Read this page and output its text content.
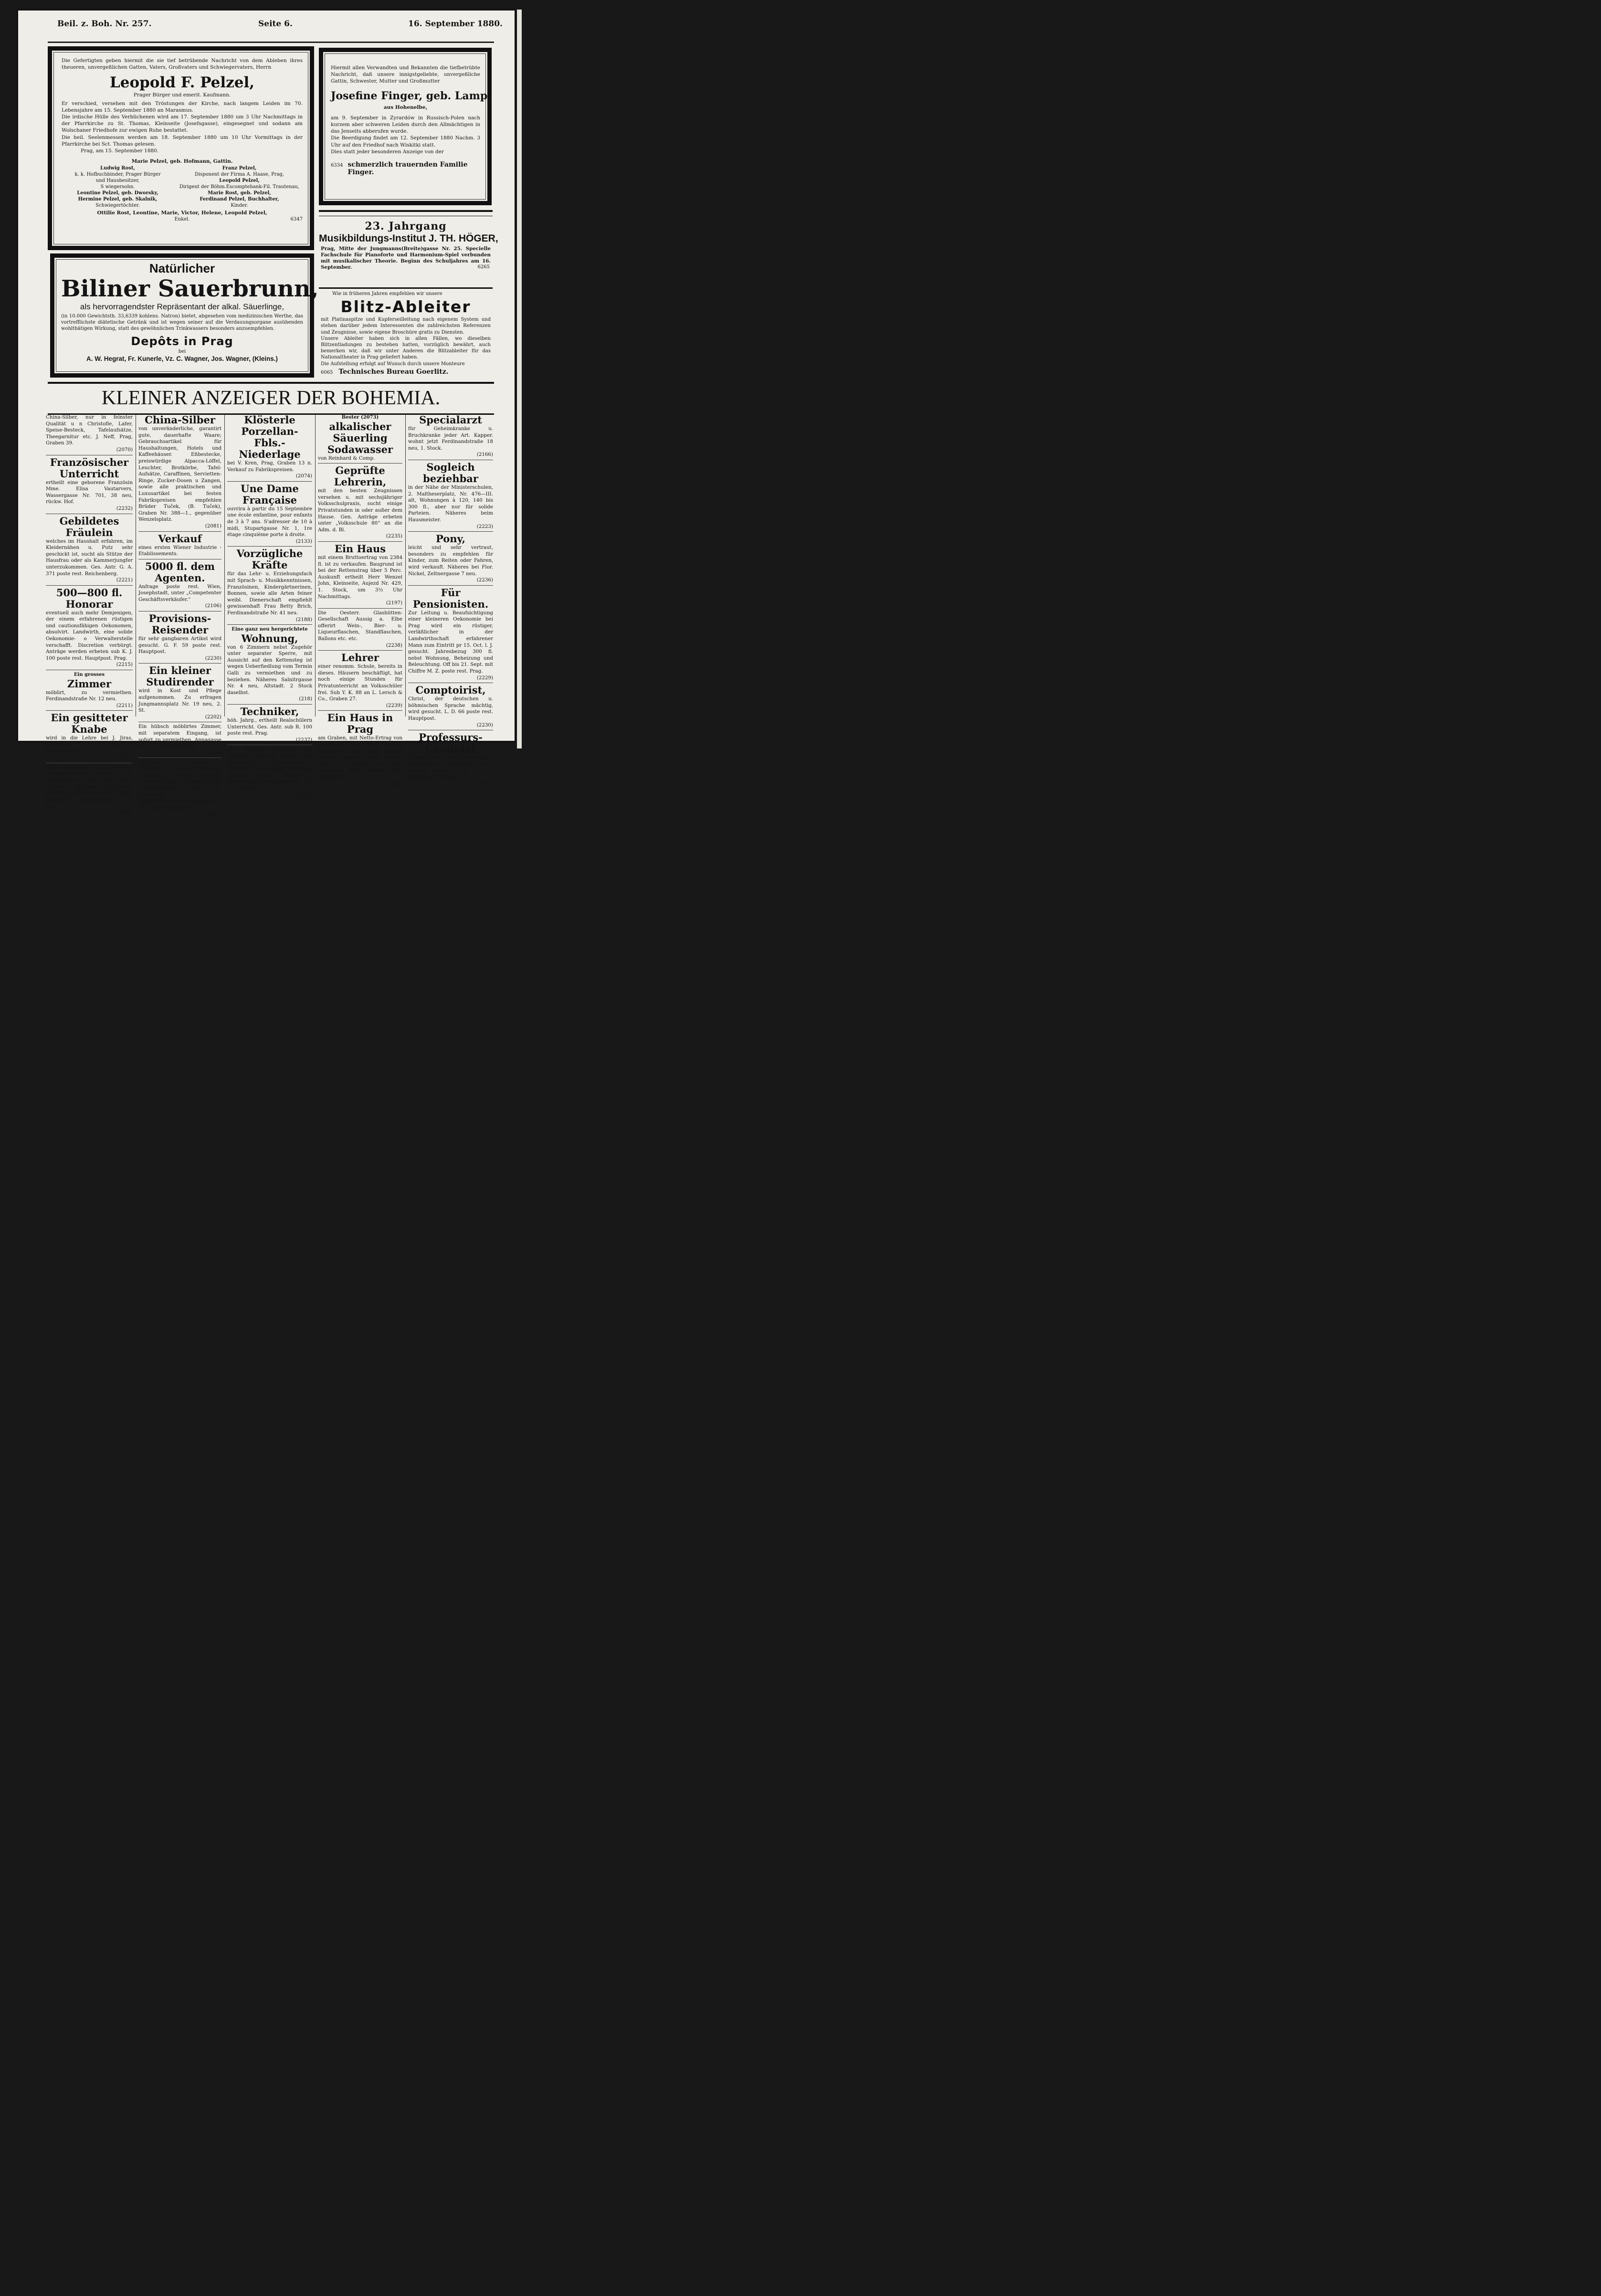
Beil. z. Boh. Nr. 257.	Seite 6.	16. September 1880.
Die Gefertigten geben hiermit die sie tief betrübende Nachricht von dem Ableben ihres theueren, unvergeßlichen Gatten, Vaters, Großvaters und Schwiegervaters, Herrn
Leopold F. Pelzel,
Prager Bürger und emerit. Kaufmann.
Er verschied, versehen mit den Tröstungen der Kirche, nach langem Leiden im 70. Lebensjahre am 15. September 1880 an Marasmus.
Die irdische Hülle des Verblichenen wird am 17. September 1880 um 3 Uhr Nachmittags in der Pfarrkirche zu St. Thomas, Kleinseite (Josefsgasse), eingesegnet und sodann am Wolschaner Friedhofe zur ewigen Ruhe bestattet.
Die heil. Seelenmessen werden am 18. September 1880 um 10 Uhr Vormittags in der Pfarrkirche bei Sct. Thomas gelesen.
Prag, am 15. September 1880.
Marie Pelzel, geb. Hofmann, Gattin.
Ludwig Rost,
k. k. Hofbuchbinder, Prager Bürger
und Hausbesitzer,
S wiegersohn.
Leontine Pelzel, geb. Dworsky,
Hermine Pelzel, geb. Skalnik,
Schwiegertöchter.
Franz Pelzel,
Disponent der Firma A. Haase, Prag,
Leopold Pelzel,
Dirigent der Böhm.Escomptebank-Fil. Trautenau,
Marie Rost, geb. Pelzel,
Ferdinand Pelzel, Buchhalter,
Kinder.
Ottilie Rost, Leontine, Marie, Victor, Helene, Leopold Pelzel,
Enkel.	6347
Hiermit allen Verwandten und Bekannten die tiefbetrübte Nachricht, daß unsere innigstgeliebte, unvergeßliche Gattin, Schwester, Mutter und Großmutter
Josefine Finger, geb. Lamp,
aus Hohenelbe,
am 9. September in Zyrardów in Russisch-Polen nach kurzem aber schweren Leiden durch den Allmächtigen in das Jenseits abberufen wurde.
Die Beerdigung findet am 12. September 1880 Nachm. 3 Uhr auf den Friedhof nach Wiskitki statt.
Dies statt jeder besonderen Anzeige von der
6334 schmerzlich trauernden Familie Finger.
23. Jahrgang
Musikbildungs-Institut J. TH. HÖGER,
Prag, Mitte der Jungmanns(Breite)gasse Nr. 25. Specielle Fachschule für Pianoforte und Harmonium-Spiel verbunden mit musikalischer Theorie. Beginn des Schuljahres am 16. September.	6265
Natürlicher
Biliner Sauerbrunn,
als hervorragendster Repräsentant der alkal. Säuerlinge,
(in 10.000 Gewichtsth. 33,6339 kohlens. Natron) bietet, abgesehen vom medizinischen Werthe, das vortrefflichste diätetische Getränk und ist wegen seiner auf die Verdauungsorgane ausübenden wohlthätigen Wirkung, statt des gewöhnlichen Trinkwassers besonders anzuempfehlen.
Depôts in Prag
bei
A. W. Hegrat, Fr. Kunerle, Vz. C. Wagner, Jos. Wagner, (Kleins.)
Wie in früheren Jahren empfehlen wir unsere
Blitz-Ableiter
mit Platinaspitze und Kupferseilleitung nach eigenem System und stehen darüber jedem Interessenten die zahlreichsten Referenzen und Zeugnisse, sowie eigene Broschüre gratis zu Diensten.
Unsere Ableiter haben sich in allen Fällen, wo dieselben Blitzentladungen zu bestehen hatten, vorzüglich bewährt, auch bemerken wir, daß wir unter Anderen die Blitzableiter für das Nationaltheater in Prag geliefert haben.
Die Aufstellung erfolgt auf Wunsch durch unsere Monteure
6065 Technisches Bureau Goerlitz.
KLEINER ANZEIGER DER BOHEMIA.
China-Silber, nur in feinster Qualität u n Christofle, Lafer, Speise-Besteck, Tafelaufsätze, Theegarnitur etc. J. Neff, Prag, Graben 39.
(2070)
Französischer Unterricht
ertheilt eine geborene Französin Mme. Elisa Vautarvers, Wassergasse Nr. 701, 38 neu, rückw. Hof.
(2232)
Gebildetes Fräulein
welches im Haushalt erfahren, im Kleidernähen u. Putz sehr geschickt ist, sucht als Stütze der Hausfrau oder als Kammerjungfer unterzukommen. Ges. Antr. G. A. 371 poste rest. Reichenberg.
(2221)
500—800 fl. Honorar
eventuell auch mehr Demjenigen, der einem erfahrenen rüstigen und cautionsfähigen Oekonomen, absolvirt. Landwirth, eine solide Oekonomie- o Verwalterstelle verschafft. Discretion verbürgt. Anträge werden erbeten sub K. J. 100 poste rest. Hauptpost. Prag.
(2215)
Ein grosses
Zimmer
möblirt, zu vermiethen. Ferdinandstraße Nr. 12 neu.
(2211)
Ein gesitteter Knabe
wird in die Lehre bei J. Jiras, Kaufmann in Smichow, aufgenommen.
(2231)
Clavierunterricht bis zur höchsten Vollkommenheit ertheilt ein Claviorlehrer außer dem Hause. Honorar f. 12 Stund 5 fl. Auskunft ertheilt aus Gefälligkeit H. J. Duft, Kleinseite, Belvederegasse 16 neu.
(2199)
China-Silber
von unveränderliche, garantirt gute, dauerhafte Waare; Gebrauchsartikel für Haushaltungen, Hotels und Kaffeehäuser. Eßbestecke, preiswürdige Alpacca-Löffel, Leuchter, Brotkörbe, Tafel-Aufsätze, Caraffinen, Servietten-Ringe, Zucker-Dosen u Zangen, sowie alle praktischen und Luxusartikel bei festen Fabrikspreisen empfehlen Brüder Tuček, (B. Tuček), Graben Nr. 388—1., gegenüber Wenzelsplatz.
(2081)
Verkauf
eines ersten Wiener Industrie - Etablissements.
5000 fl. dem Agenten.
Anfrage poste rest. Wien, Josephstadt, unter „Competenter Geschäftsverkäufer.“
(2106)
Provisions-Reisender
für sehr gangbaren Artikel wird gesucht. G. F. 59 poste rest. Hauptpost.
(2230)
Ein kleiner Studirender
wird in Kost und Pflege aufgenommen. Zu erfragen Jungmannsplatz Nr. 19 neu, 2. St.
(2202)
Ein hübsch möblirtes Zimmer, mit separatem Eingang, ist sofort zu vermiethen. Annagasse Nr. 2, 3. Stock, Altstadt.
(2234)
Gebraucht: 1 Canapé, 6 Fauteuils, 1 Canapé, 2 Fauteuils, 4 Sesseln, 1 fl Divan billig zu verkaufen bei J. Tladik, Erstes Möbel-Magazin der kgl. Weinberge, Palacky(Wrschowitzer)straße Nr. 82, „beim Hirschen.“
(2227)
Klösterle Porzellan-Fbls.-Niederlage
bei V. Kren, Prag, Graben 13 n. Verkauf zu Fabrikspreisen.
(2074)
Une Dame Française
ouvrira à partir du 15 Septembre une école enfantine, pour enfants de 3 à 7 ans. S'adresser de 10 à midi, Stupartgasse Nr. 1, 1re étage cinquième porte à droite.
(2133)
Vorzügliche Kräfte
für das Lehr- u. Erziehungsfach mit Sprach- u. Musikkenntnissen, Französinen, Kindergärtnerinen, Bonnen, sowie alle Arten feiner weibl. Dienerschaft empfiehlt gewissenhaft Frau Betty Brich, Ferdinandstraße Nr. 41 neu.
(2188)
Eine ganz neu hergerichtete
Wohnung,
von 6 Zimmern nebst Zugehör unter separater Sperre, mit Aussicht auf den Kettensteg ist wegen Ueberfiedlung vom Termin Galli zu vermiethen und zu beziehen. Näheres Salnitrgasse Nr. 4 neu, Altstadt. 2 Stock daselbst.
(218)
Techniker,
höh. Jahrg., ertheilt Realschülern Unterricht. Ges. Antr. sub R. 100 poste rest. Prag.
(2237)
Als Näherin wünscht ein Mädchen, das sehr geübt ist im Kleidernähen u. Zuschneiden in Häusern zu nähen. Gefällige Anträge werden erbeten T. Schmucker, Johannesberggel Nr. 312, Kleins.
(2228)
Bester (2073)
alkalischer Säuerling Sodawasser
von Reinhard & Comp.
Geprüfte Lehrerin,
mit den besten Zeugnissen versehen u. mit sechsjähriger Volksschulpraxis, sucht einige Privatstunden in oder außer dem Hause. Gen. Anträge erbeten unter „Volksschule 80“ an die Adm. d. Bl.
(2235)
Ein Haus
mit einem Bruttoertrag von 2384 fl. ist zu verkaufen. Baugrund ist bei der Rettenstrag über 5 Perc. Auskunft ertheilt Herr Wenzel John, Kleinseite, Aujezd Nr. 429, 1. Stock, um 3½ Uhr Nachmittags.
(2197)
Die Oesterr. Glashütten-Gesellschaft Aussig a. Elbe offerirt Wein-, Bier- u. Liqueurflaschen, Standflaschen, Ballons etc. etc.
(2238)
Lehrer
einer renomm. Schule, bereits in dieses. Häusern beschäftigt, hat noch einige Stunden für Privatunterricht an Volksschüler frei. Sub Y. K. 88 an L. Lersch & Co., Graben 27.
(2239)
Ein Haus in Prag
am Graben, mit Netto-Ertrag von 10.000 fl. ist zu 5 Perc. rein zu verkaufen. Nur reelle Käufer erhalten Antwort unter Chiffre „Haus 5%“ poste rest. Prag. Annonyme Briefe werden nicht beantwortet.
(2226)
Specialarzt
für Geheimkranke u. Bruchkranke jeder Art. Kapper. wohnt jetzt Ferdinandstraße 18 neu, 1. Stock.
(2166)
Sogleich beziehbar
in der Nähe der Ministerschulen, 2. Maltheserplatz, Nr. 476—III. alt, Wohnungen à 120, 140 bis 300 fl., aber nur für solide Parteien. Näheres beim Hausmeister.
(2223)
Pony,
leicht und sehr vertraut, besonders zu empfehlen für Kinder, zum Reiten oder Fahren, wird verkauft. Näheres bei Flor. Nickel, Zeltnergasse 7 neu.
(2236)
Für Pensionisten.
Zur Leitung u. Beaufsichtigung einer kleineren Oekonomie bei Prag wird ein rüstiger, verläßlicher in der Landwirthschaft erfahrener Mann zum Eintritt pr 15. Oct. l. J. gesucht. Jahresbezug 300 fl. nebst Wohnung, Beheizung und Beleuchtung. Off bis 21. Sept. mit Chiffre M. Z. poste rest. Prag.
(2229)
Comptoirist,
Christ, der deutschen u. böhmischen Sprache mächtig, wird gesucht. L. D. 66 poste rest. Hauptpost.
(2230)
Professurs-Candidat
ertheilt Real- oder Volksschülern gründlichen Unterricht. Ges. Anträge unter C. P. an die Administr. d. Blattes.
(2196)
